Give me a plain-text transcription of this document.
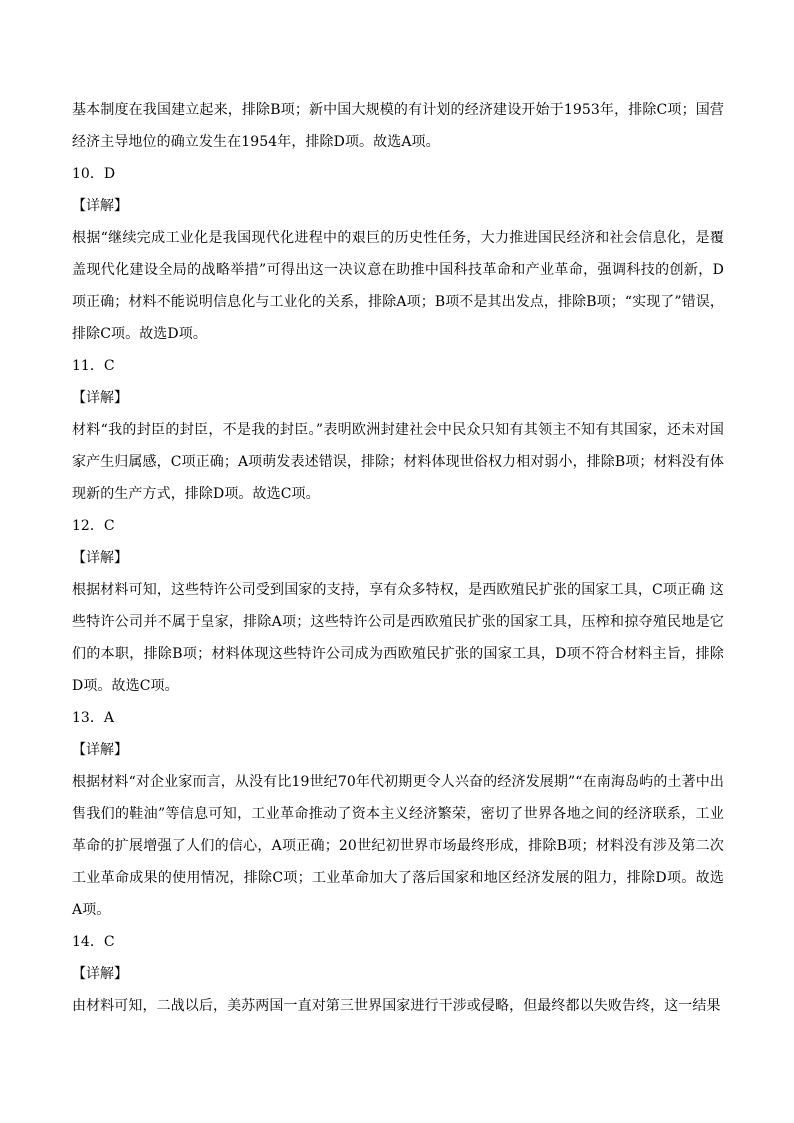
基本制度在我国建立起来，排除B项；新中国大规模的有计划的经济建设开始于1953年，排除C项；国营经济主导地位的确立发生在1954年，排除D项。故选A项。

10．D

【详解】

根据“继续完成工业化是我国现代化进程中的艰巨的历史性任务，大力推进国民经济和社会信息化，是覆盖现代化建设全局的战略举措”可得出这一决议意在助推中国科技革命和产业革命，强调科技的创新，D项正确；材料不能说明信息化与工业化的关系，排除A项；B项不是其出发点，排除B项；“实现了”错误，排除C项。故选D项。

11．C

【详解】

材料“我的封臣的封臣，不是我的封臣。”表明欧洲封建社会中民众只知有其领主不知有其国家，还未对国家产生归属感，C项正确；A项萌发表述错误，排除；材料体现世俗权力相对弱小，排除B项；材料没有体现新的生产方式，排除D项。故选C项。

12．C

【详解】

根据材料可知，这些特许公司受到国家的支持，享有众多特权，是西欧殖民扩张的国家工具，C项正确 这些特许公司并不属于皇家，排除A项；这些特许公司是西欧殖民扩张的国家工具，压榨和掠夺殖民地是它们的本职，排除B项；材料体现这些特许公司成为西欧殖民扩张的国家工具，D项不符合材料主旨，排除D项。故选C项。

13．A

【详解】

根据材料“对企业家而言，从没有比19世纪70年代初期更令人兴奋的经济发展期”“在南海岛屿的土著中出售我们的鞋油”等信息可知，工业革命推动了资本主义经济繁荣，密切了世界各地之间的经济联系，工业革命的扩展增强了人们的信心，A项正确；20世纪初世界市场最终形成，排除B项；材料没有涉及第二次工业革命成果的使用情况，排除C项；工业革命加大了落后国家和地区经济发展的阻力，排除D项。故选A项。

14．C

【详解】

由材料可知，二战以后，美苏两国一直对第三世界国家进行干涉或侵略，但最终都以失败告终，这一结果
